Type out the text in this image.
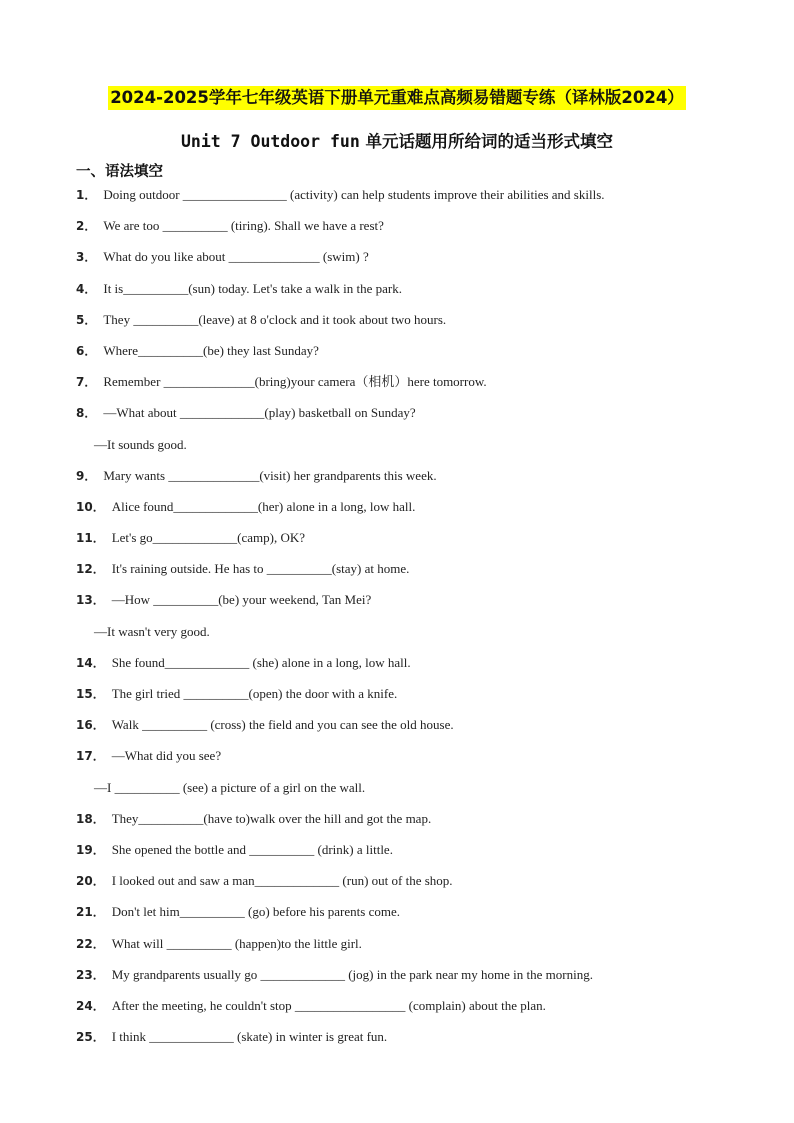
2024-2025学年七年级英语下册单元重难点高频易错题专练（译林版2024）
Unit 7 Outdoor fun 单元话题用所给词的适当形式填空
一、语法填空
1． Doing outdoor ________________ (activity) can help students improve their abilities and skills.
2． We are too __________ (tiring). Shall we have a rest?
3． What do you like about ______________ (swim) ?
4． It is__________(sun) today. Let's take a walk in the park.
5． They __________(leave) at 8 o'clock and it took about two hours.
6． Where__________(be) they last Sunday?
7． Remember ______________(bring)your camera（相机）here tomorrow.
8． —What about _____________(play) basketball on Sunday?
—It sounds good.
9． Mary wants ______________(visit) her grandparents this week.
10． Alice found_____________(her) alone in a long, low hall.
11． Let's go_____________(camp), OK?
12． It's raining outside. He has to __________(stay) at home.
13． —How __________(be) your weekend, Tan Mei?
—It wasn't very good.
14． She found_____________ (she) alone in a long, low hall.
15． The girl tried __________(open) the door with a knife.
16． Walk __________ (cross) the field and you can see the old house.
17． —What did you see?
—I __________ (see) a picture of a girl on the wall.
18． They__________(have to)walk over the hill and got the map.
19． She opened the bottle and __________ (drink) a little.
20． I looked out and saw a man_____________ (run) out of the shop.
21． Don't let him__________ (go) before his parents come.
22． What will __________ (happen)to the little girl.
23． My grandparents usually go _____________ (jog) in the park near my home in the morning.
24． After the meeting, he couldn't stop _________________ (complain) about the plan.
25． I think _____________ (skate) in winter is great fun.
